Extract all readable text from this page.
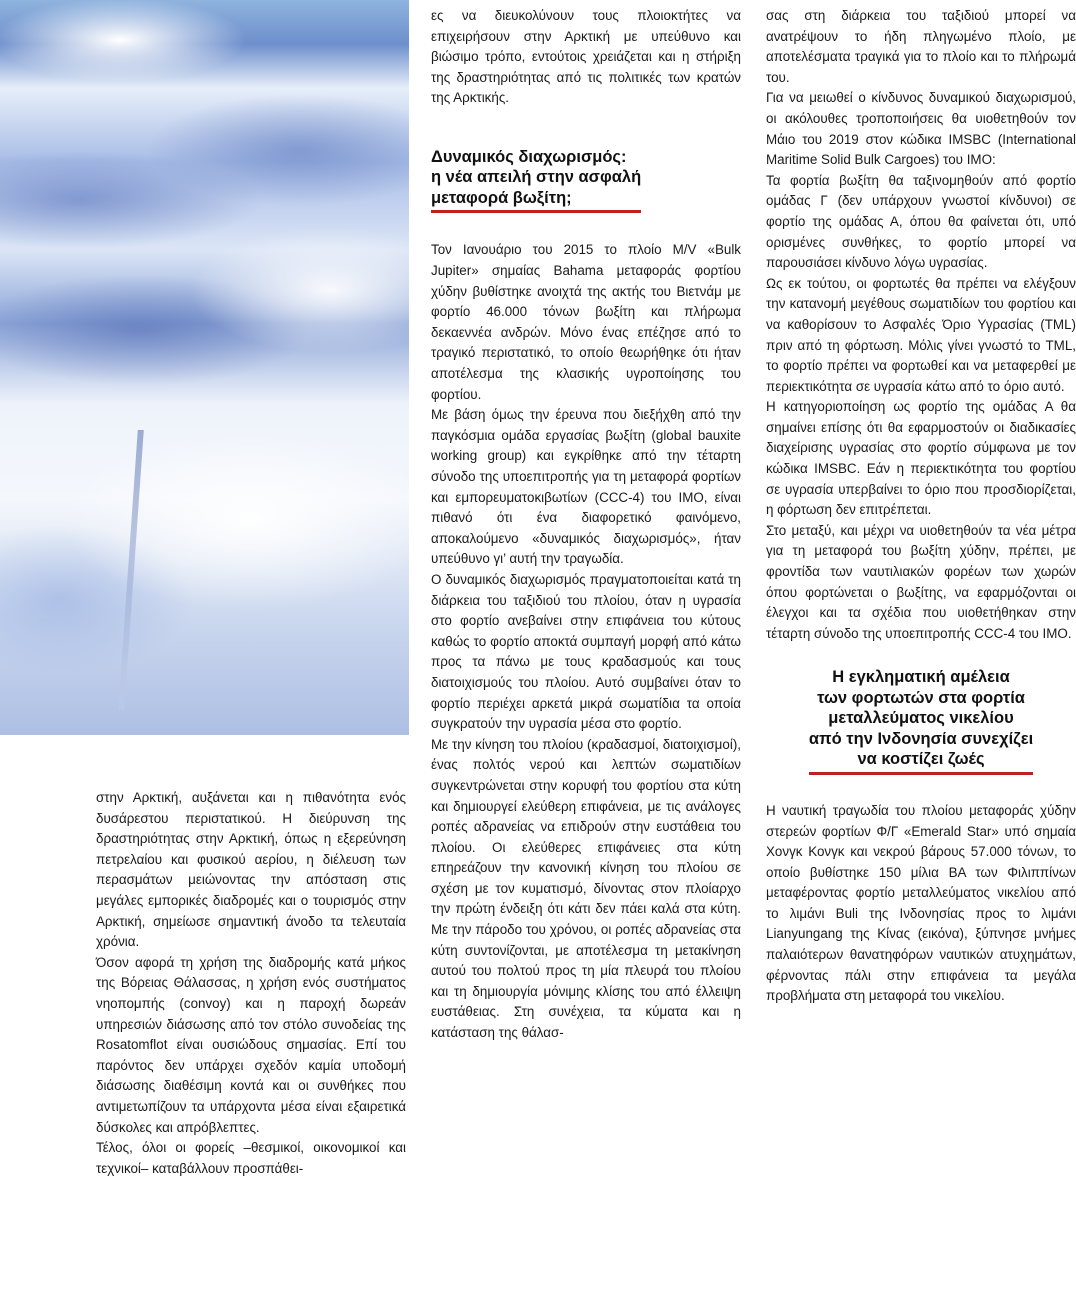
στην Αρκτική, αυξάνεται και η πιθανότητα ενός δυσάρεστου περιστατικού. Η διεύρυνση της δραστηριότητας στην Αρκτική, όπως η εξερεύνηση πετρελαίου και φυσικού αερίου, η διέλευση των περασμάτων μειώνοντας την απόσταση στις μεγάλες εμπορικές διαδρομές και ο τουρισμός στην Αρκτική, σημείωσε σημαντική άνοδο τα τελευταία χρόνια.

Όσον αφορά τη χρήση της διαδρομής κατά μήκος της Βόρειας Θάλασσας, η χρήση ενός συστήματος νηοπομπής (convoy) και η παροχή δωρεάν υπηρεσιών διάσωσης από τον στόλο συνοδείας της Rosatomflot είναι ουσιώδους σημασίας. Επί του παρόντος δεν υπάρχει σχεδόν καμία υποδομή διάσωσης διαθέσιμη κοντά και οι συνθήκες που αντιμετωπίζουν τα υπάρχοντα μέσα είναι εξαιρετικά δύσκολες και απρόβλεπτες.

Τέλος, όλοι οι φορείς –θεσμικοί, οικονομικοί και τεχνικοί– καταβάλλουν προσπάθει-

ες να διευκολύνουν τους πλοιοκτήτες να επιχειρήσουν στην Αρκτική με υπεύθυνο και βιώσιμο τρόπο, εντούτοις χρειάζεται και η στήριξη της δραστηριότητας από τις πολιτικές των κρατών της Αρκτικής.

Δυναμικός διαχωρισμός:
η νέα απειλή στην ασφαλή
μεταφορά βωξίτη;

Τον Ιανουάριο του 2015 το πλοίο M/V «Bulk Jupiter» σημαίας Bahama μεταφοράς φορτίου χύδην βυθίστηκε ανοιχτά της ακτής του Βιετνάμ με φορτίο 46.000 τόνων βωξίτη και πλήρωμα δεκαεννέα ανδρών. Μόνο ένας επέζησε από το τραγικό περιστατικό, το οποίο θεωρήθηκε ότι ήταν αποτέλεσμα της κλασικής υγροποίησης του φορτίου.

Με βάση όμως την έρευνα που διεξήχθη από την παγκόσμια ομάδα εργασίας βωξίτη (global bauxite working group) και εγκρίθηκε από την τέταρτη σύνοδο της υποεπιτροπής για τη μεταφορά φορτίων και εμπορευματοκιβωτίων (CCC-4) του ΙΜΟ, είναι πιθανό ότι ένα διαφορετικό φαινόμενο, αποκαλούμενο «δυναμικός διαχωρισμός», ήταν υπεύθυνο γι’ αυτή την τραγωδία.

Ο δυναμικός διαχωρισμός πραγματοποιείται κατά τη διάρκεια του ταξιδιού του πλοίου, όταν η υγρασία στο φορτίο ανεβαίνει στην επιφάνεια του κύτους καθώς το φορτίο αποκτά συμπαγή μορφή από κάτω προς τα πάνω με τους κραδασμούς και τους διατοιχισμούς του πλοίου. Αυτό συμβαίνει όταν το φορτίο περιέχει αρκετά μικρά σωματίδια τα οποία συγκρατούν την υγρασία μέσα στο φορτίο.

Με την κίνηση του πλοίου (κραδασμοί, διατοιχισμοί), ένας πολτός νερού και λεπτών σωματιδίων συγκεντρώνεται στην κορυφή του φορτίου στα κύτη και δημιουργεί ελεύθερη επιφάνεια, με τις ανάλογες ροπές αδρανείας να επιδρούν στην ευστάθεια του πλοίου. Οι ελεύθερες επιφάνειες στα κύτη επηρεάζουν την κανονική κίνηση του πλοίου σε σχέση με τον κυματισμό, δίνοντας στον πλοίαρχο την πρώτη ένδειξη ότι κάτι δεν πάει καλά στα κύτη. Με την πάροδο του χρόνου, οι ροπές αδρανείας στα κύτη συντονίζονται, με αποτέλεσμα τη μετακίνηση αυτού του πολτού προς τη μία πλευρά του πλοίου και τη δημιουργία μόνιμης κλίσης του από έλλειψη ευστάθειας. Στη συνέχεια, τα κύματα και η κατάσταση της θάλασ-

σας στη διάρκεια του ταξιδιού μπορεί να ανατρέψουν το ήδη πληγωμένο πλοίο, με αποτελέσματα τραγικά για το πλοίο και το πλήρωμά του.

Για να μειωθεί ο κίνδυνος δυναμικού διαχωρισμού, οι ακόλουθες τροποποιήσεις θα υιοθετηθούν τον Μάιο του 2019 στον κώδικα IMSBC (International Maritime Solid Bulk Cargoes) του ΙΜΟ:

Τα φορτία βωξίτη θα ταξινομηθούν από φορτίο ομάδας Γ (δεν υπάρχουν γνωστοί κίνδυνοι) σε φορτίο της ομάδας Α, όπου θα φαίνεται ότι, υπό ορισμένες συνθήκες, το φορτίο μπορεί να παρουσιάσει κίνδυνο λόγω υγρασίας.

Ως εκ τούτου, οι φορτωτές θα πρέπει να ελέγξουν την κατανομή μεγέθους σωματιδίων του φορτίου και να καθορίσουν το Ασφαλές Όριο Υγρασίας (TML) πριν από τη φόρτωση. Μόλις γίνει γνωστό το TML, το φορτίο πρέπει να φορτωθεί και να μεταφερθεί με περιεκτικότητα σε υγρασία κάτω από το όριο αυτό.

Η κατηγοριοποίηση ως φορτίο της ομάδας Α θα σημαίνει επίσης ότι θα εφαρμοστούν οι διαδικασίες διαχείρισης υγρασίας στο φορτίο σύμφωνα με τον κώδικα IMSBC. Εάν η περιεκτικότητα του φορτίου σε υγρασία υπερβαίνει το όριο που προσδιορίζεται, η φόρτωση δεν επιτρέπεται.

Στο μεταξύ, και μέχρι να υιοθετηθούν τα νέα μέτρα για τη μεταφορά του βωξίτη χύδην, πρέπει, με φροντίδα των ναυτιλιακών φορέων των χωρών όπου φορτώνεται ο βωξίτης, να εφαρμόζονται οι έλεγχοι και τα σχέδια που υιοθετήθηκαν στην τέταρτη σύνοδο της υποεπιτροπής CCC-4 του ΙΜΟ.

Η εγκληματική αμέλεια
των φορτωτών στα φορτία
μεταλλεύματος νικελίου
από την Ινδονησία συνεχίζει
να κοστίζει ζωές

Η ναυτική τραγωδία του πλοίου μεταφοράς χύδην στερεών φορτίων Φ/Γ «Emerald Star» υπό σημαία Χονγκ Κονγκ και νεκρού βάρους 57.000 τόνων, το οποίο βυθίστηκε 150 μίλια ΒΑ των Φιλιππίνων μεταφέροντας φορτίο μεταλλεύματος νικελίου από το λιμάνι Buli της Ινδονησίας προς το λιμάνι Lianyungang της Κίνας (εικόνα), ξύπνησε μνήμες παλαιότερων θανατηφόρων ναυτικών ατυχημάτων, φέρνοντας πάλι στην επιφάνεια τα μεγάλα προβλήματα στη μεταφορά του νικελίου.
